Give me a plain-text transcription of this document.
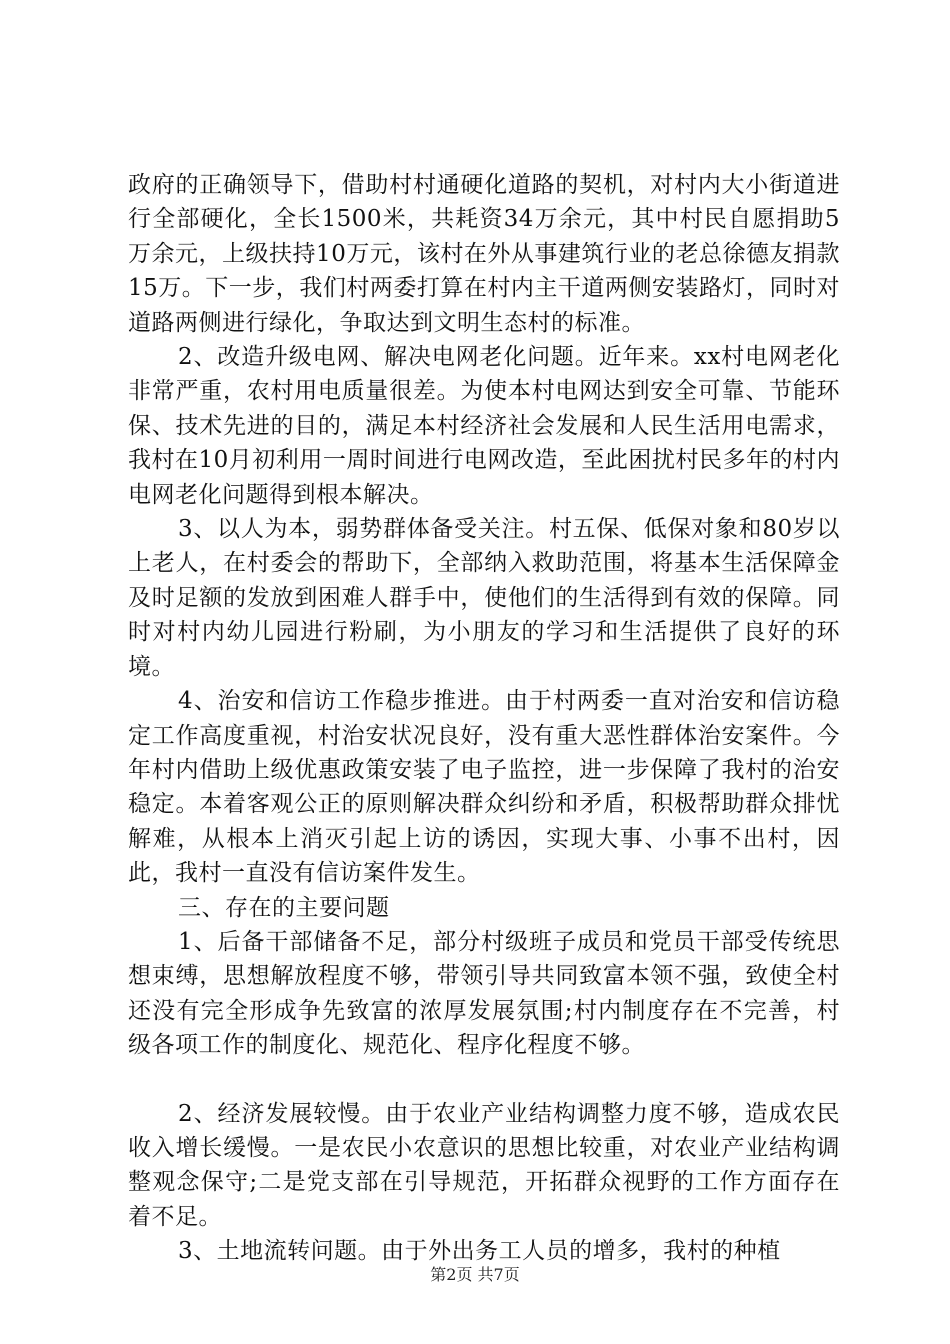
政府的正确领导下，借助村村通硬化道路的契机，对村内大小街道进行全部硬化，全长1500米，共耗资34万余元，其中村民自愿捐助5万余元，上级扶持10万元，该村在外从事建筑行业的老总徐德友捐款15万。下一步，我们村两委打算在村内主干道两侧安装路灯，同时对道路两侧进行绿化，争取达到文明生态村的标准。

2、改造升级电网、解决电网老化问题。近年来。xx村电网老化非常严重，农村用电质量很差。为使本村电网达到安全可靠、节能环保、技术先进的目的，满足本村经济社会发展和人民生活用电需求，我村在10月初利用一周时间进行电网改造，至此困扰村民多年的村内电网老化问题得到根本解决。

3、以人为本，弱势群体备受关注。村五保、低保对象和80岁以上老人，在村委会的帮助下，全部纳入救助范围，将基本生活保障金及时足额的发放到困难人群手中，使他们的生活得到有效的保障。同时对村内幼儿园进行粉刷，为小朋友的学习和生活提供了良好的环境。

4、治安和信访工作稳步推进。由于村两委一直对治安和信访稳定工作高度重视，村治安状况良好，没有重大恶性群体治安案件。今年村内借助上级优惠政策安装了电子监控，进一步保障了我村的治安稳定。本着客观公正的原则解决群众纠纷和矛盾，积极帮助群众排忧解难，从根本上消灭引起上访的诱因，实现大事、小事不出村，因此，我村一直没有信访案件发生。

三、存在的主要问题

1、后备干部储备不足，部分村级班子成员和党员干部受传统思想束缚，思想解放程度不够，带领引导共同致富本领不强，致使全村还没有完全形成争先致富的浓厚发展氛围;村内制度存在不完善，村级各项工作的制度化、规范化、程序化程度不够。

2、经济发展较慢。由于农业产业结构调整力度不够，造成农民收入增长缓慢。一是农民小农意识的思想比较重，对农业产业结构调整观念保守;二是党支部在引导规范，开拓群众视野的工作方面存在着不足。

3、土地流转问题。由于外出务工人员的增多，我村的种植

第2页 共7页
